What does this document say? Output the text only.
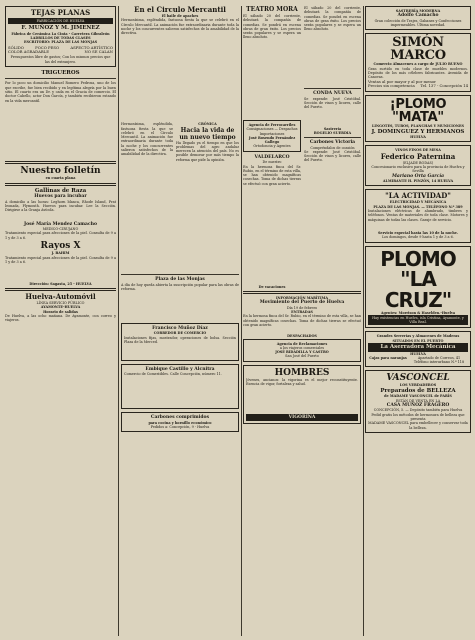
TEJAS PLANAS
FABRICACIÓN DE HUELVA
F. MUÑOZ Y M. JIMENEZ
Fábrica de Cerámica La Cinta - Carretera Gibraleón
LADRILLOS DE TODAS CLASES
ESCRITORIO: PLAZA DE LAS MONJAS
SÓLIDO	POCO PESO	ASPECTO ARTÍSTICO
COLOR AGRADABLE	NO SE CALAN
Presupuestos libre de gastos; Con los mismos precios que las del extranjero.
TRIGUEROS
Por lo poco un domicilio Manuel Romero Pedrosa, uno de los que escribe, fue bien recibido y en legítima alegría por la buen sitio. El cuarto era un Dr. y cada en el Gracia de comercio. El doctor Cabello, actor Don García, y también recibieron estando en la vida mercantil.
Nuestro folletín
en cuarta plana
Gallinas de Raza
Huevos para incubar
A domicilio a las horas: Leghorn blanca, Rhode Island, Prat leonada, Plymouth. Huevos para incubar. Lee la Sección. Dirigirse a la Granja Avícola.
José María Mendez Camacho
MEDICO-CIRUJANO
Tratamiento especial para afecciones de la piel. Consulta de 9 a 1 y de 3 a 6.
Rayos X
J. BAHIM
Tratamiento especial para afecciones de la piel. Consulta de 9 a 1 y de 3 a 6.
Dirección: Sagasta, 25 - HUELVA
Huelva-Automóvil
LÍNEA SERVICIO PÚBLICO
AYAMONTE-HUELVA
Horario de salidas
De Huelva, a las ocho mañana. De Ayamonte, con correo y viajeros.
En el Circulo Mercantil
El baile de apaches
Hermosísima, espléndida, fastuosa fiesta la que se celebró en el Círculo Mercantil. La animación fue extraordinaria durante toda la noche y los concurrentes salieron satisfechos de la amabilidad de la directiva.
Hermosísima, espléndida, fastuosa fiesta la que se celebró en el Círculo Mercantil. La animación fue extraordinaria durante toda la noche y los concurrentes salieron satisfechos de la amabilidad de la directiva.
CRÓNICA
Hacia la vida de un nuevo tiempo
Ha llegado ya el tiempo en que los problemas del agro andaluz merecen la atención del país. No es posible demorar por más tiempo la reforma que pide la opinión.
Plaza de las Monjas
A día de hoy queda abierta la suscripción popular para las obras de reforma.
Francisco Muñoz Díaz
CORREDOR DE COMERCIO
Instalaciones fijas, mostrador, operaciones de bolsa. Sección Plaza de la Merced.
Embique Castillo y Alcnitra
Comercio de Comestibles. Calle Concepción, número 11.
Carbones comprimidos
para cocina y hornillo económico
Pedidos a: Concepción, 9 - Huelva
TEATRO MORA
El sábado 20 del corriente, debutará la compañía de comedias. Se pondrá en escena obras de gran éxito. Los precios serán populares y se espera un lleno absoluto.
Agencia de Ferrocarriles
Consignaciones — Despachos
Importaciones
José Rosendo Fernández Gallego
Ortodoncia y Agentes
VALDELARCO
De nuestro
En la hermosa finca del Sr. Rubio, en el término de esta villa, se han obtenido magníficas cosechas. Toma de dichas tierras se efectuó con gran acierto.
De vacaciones
El sábado 20 del corriente, debutará la compañía de comedias. Se pondrá en escena obras de gran éxito. Los precios serán populares y se espera un lleno absoluto.
CONDA NUEVA
Se expende: José Cristóbal. Sección de vinos y licores, calle del Puerto.
Sastrería
ROGELIO SUERDIA
Carbones Victoria
Compréndalos de ocasión
Se expende: José Cristóbal. Sección de vinos y licores, calle del Puerto.
INFORMACIÓN MARÍTIMA
Movimiento del Puerto de Huelva
Día 19 de febrero
ENTRADAS
En la hermosa finca del Sr. Rubio, en el término de esta villa, se han obtenido magníficas cosechas. Toma de dichas tierras se efectuó con gran acierto.
DESPACHADOS
Agencia de Reclamaciones
a los viajeros comerciales
JOSÉ RIDADILLA Y CASTRO
San José del Puerto
HOMBRES
Jóvenes, ancianos: la vigorina es el mejor reconstituyente. Esencia de vigor, fortaleza y salud.
VIGORINA
SASTRERÍA MODERNA
Adolfo Camacho
Gran colección de Trajes, Gabanes y Confecciones impermeables. Última novedad.
SIMÓN MARCO
Comercio Almacenes a cargo de JULIO BUENO
Gran surtido en toda clase de muebles modernos. Depósito de los más célebres fabricantes. Avenida de Canovas.
Ventas al por mayor y al por menor
Precios sin competencia Tel. 137 - Concepción 14
¡PLOMO "MATA"
LINGOTES, TUBOS, PLANCHAS Y MUNICIONES
J. DOMINGUEZ Y HERMANOS
HUELVA
VINOS FINOS DE MESA
Federico Paternina
(ELJADE BODAS)
Concesionario exclusivo para la provincia de Huelva y Sevilla
Mariano Orta García
ALMIRANTE H. PINZÓN, 14 HUELVA
"LA ACTIVIDAD"
ELECTRICIDAD Y MECÁNICA
PLAZA DE LAS MONJAS. — TELÉFONO N.º 389
Instalaciones eléctricas de alumbrado, timbres y teléfonos. Ventas de materiales de toda clase. Motores y máquinas de todas las clases. Garaje de servicio.
Servicio especial hasta las 10 de la noche.
Los domingos, desde 9 hasta 1 y de 3 a 6.
PLOMO
"LA CRUZ"
Agentes: Morrison & Haselden.-Huelva
Hay existencias en Huelva, isla Cristina, Ayamonte, y Villa Real.
Grandes Serrerías y Almacenes de Maderas
SITUADOS EN EL PUERTO
La Aserradora Mecánica
HUELVA
Cajas para naranjas	Apartado de Correos, 41 Teléfono interurbano N.º 118
VASCONCEL
LOS VERDADEROS
Preparados de BELLEZA
de MADAME VASCONCEL de PARÍS
ESTÁN DE VENTA EN LA
CASA MUÑOZ FRAGERO
CONCEPCIÓN, 5. — Depósito también para Huelva
Pedid gratis los métodos de hermosura de belleza que presenta
MADAME VASCONCEL para embellecer y conservar toda la belleza.
